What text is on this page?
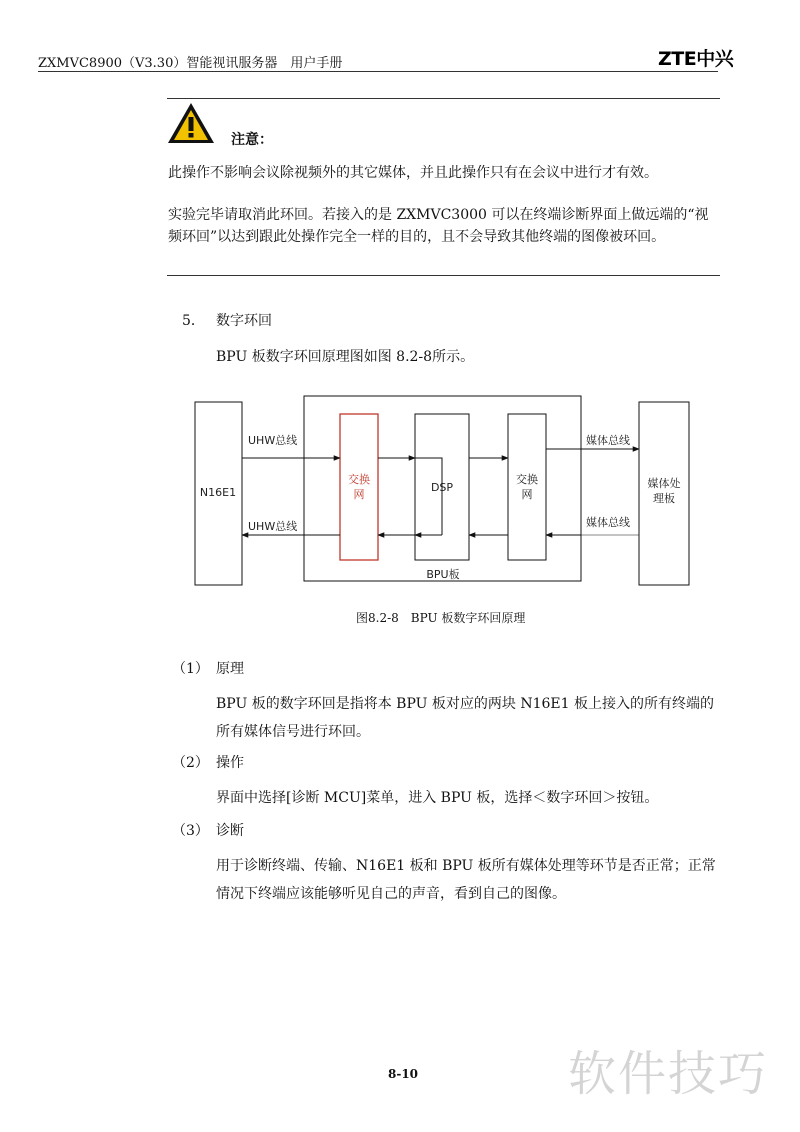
ZXMVC8900（V3.30）智能视讯服务器　用户手册	ZTE中兴
注意：
此操作不影响会议除视频外的其它媒体，并且此操作只有在会议中进行才有效。
实验完毕请取消此环回。若接入的是 ZXMVC3000 可以在终端诊断界面上做远端的“视频环回”以达到跟此处操作完全一样的目的，且不会导致其他终端的图像被环回。
5． 数字环回
BPU 板数字环回原理图如图 8.2-8所示。
N16E1
BPU板
交换
网
DSP
交换
网
媒体处
理板
UHW总线	媒体总线
媒体总线
UHW总线
图8.2-8　BPU 板数字环回原理
（1） 原理
BPU 板的数字环回是指将本 BPU 板对应的两块 N16E1 板上接入的所有终端的所有媒体信号进行环回。
（2） 操作
界面中选择[诊断 MCU]菜单，进入 BPU 板，选择＜数字环回＞按钮。
（3） 诊断
用于诊断终端、传输、N16E1 板和 BPU 板所有媒体处理等环节是否正常；正常情况下终端应该能够听见自己的声音，看到自己的图像。
8-10	软件技巧
